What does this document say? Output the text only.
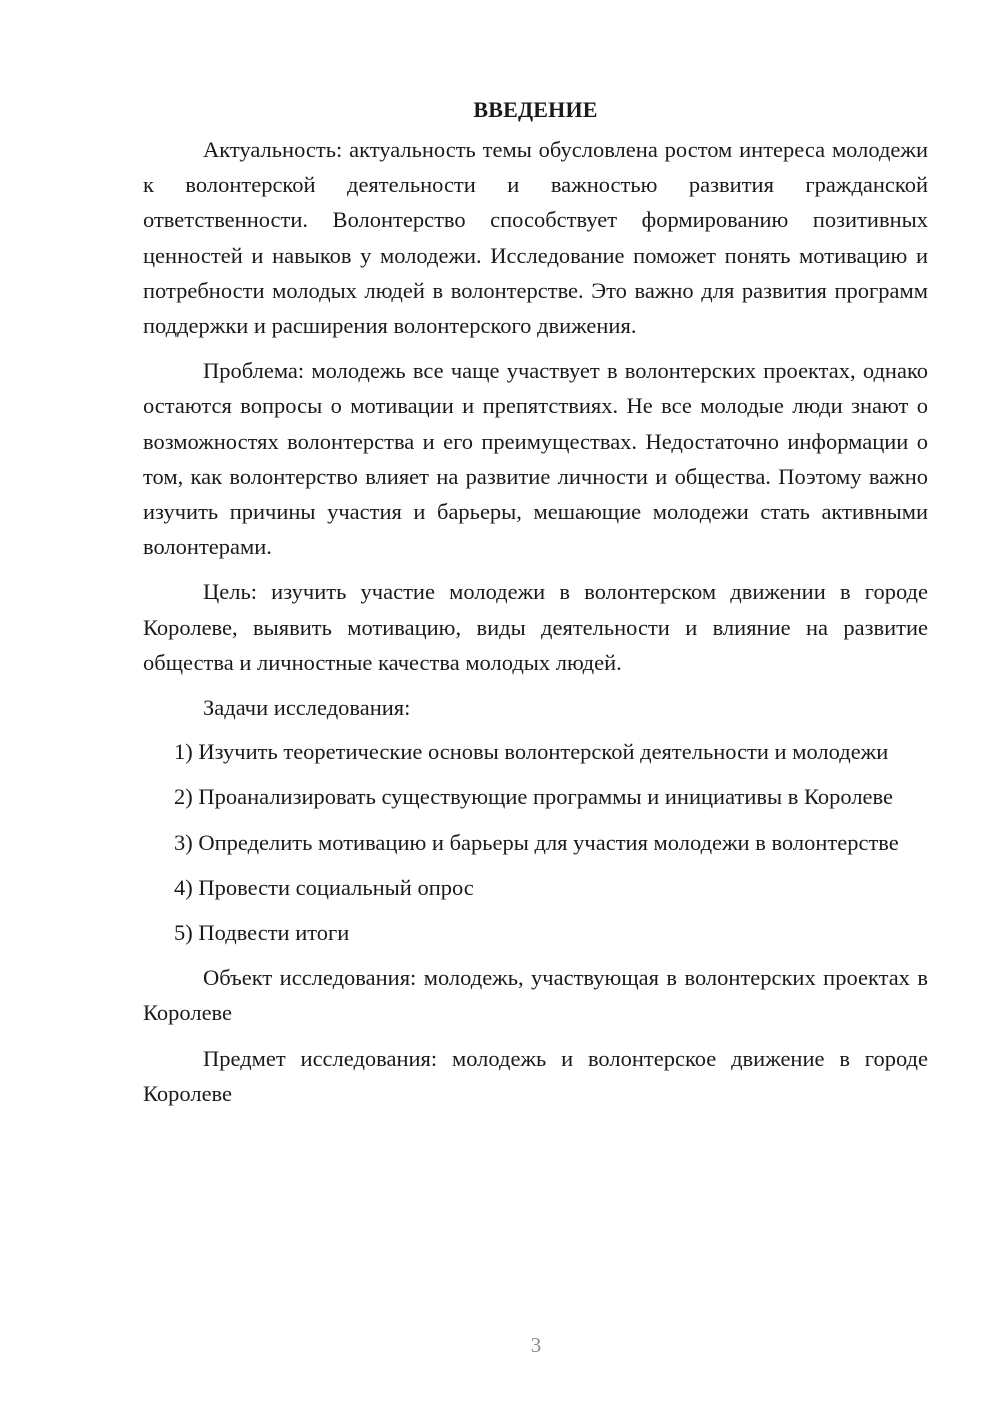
ВВЕДЕНИЕ

Актуальность: актуальность темы обусловлена ростом интереса молодежи к волонтерской деятельности и важностью развития гражданской ответственности. Волонтерство способствует формированию позитивных ценностей и навыков у молодежи. Исследование поможет понять мотивацию и потребности молодых людей в волонтерстве. Это важно для развития программ поддержки и расширения волонтерского движения.

Проблема: молодежь все чаще участвует в волонтерских проектах, однако остаются вопросы о мотивации и препятствиях. Не все молодые люди знают о возможностях волонтерства и его преимуществах. Недостаточно информации о том, как волонтерство влияет на развитие личности и общества. Поэтому важно изучить причины участия и барьеры, мешающие молодежи стать активными волонтерами.

Цель: изучить участие молодежи в волонтерском движении в городе Королеве, выявить мотивацию, виды деятельности и влияние на развитие общества и личностные качества молодых людей.

Задачи исследования:

1) Изучить теоретические основы волонтерской деятельности и молодежи

2) Проанализировать существующие программы и инициативы в Королеве

3) Определить мотивацию и барьеры для участия молодежи в волонтерстве

4) Провести социальный опрос

5) Подвести итоги

Объект исследования: молодежь, участвующая в волонтерских проектах в Королеве

Предмет исследования: молодежь и волонтерское движение в городе Королеве

3
